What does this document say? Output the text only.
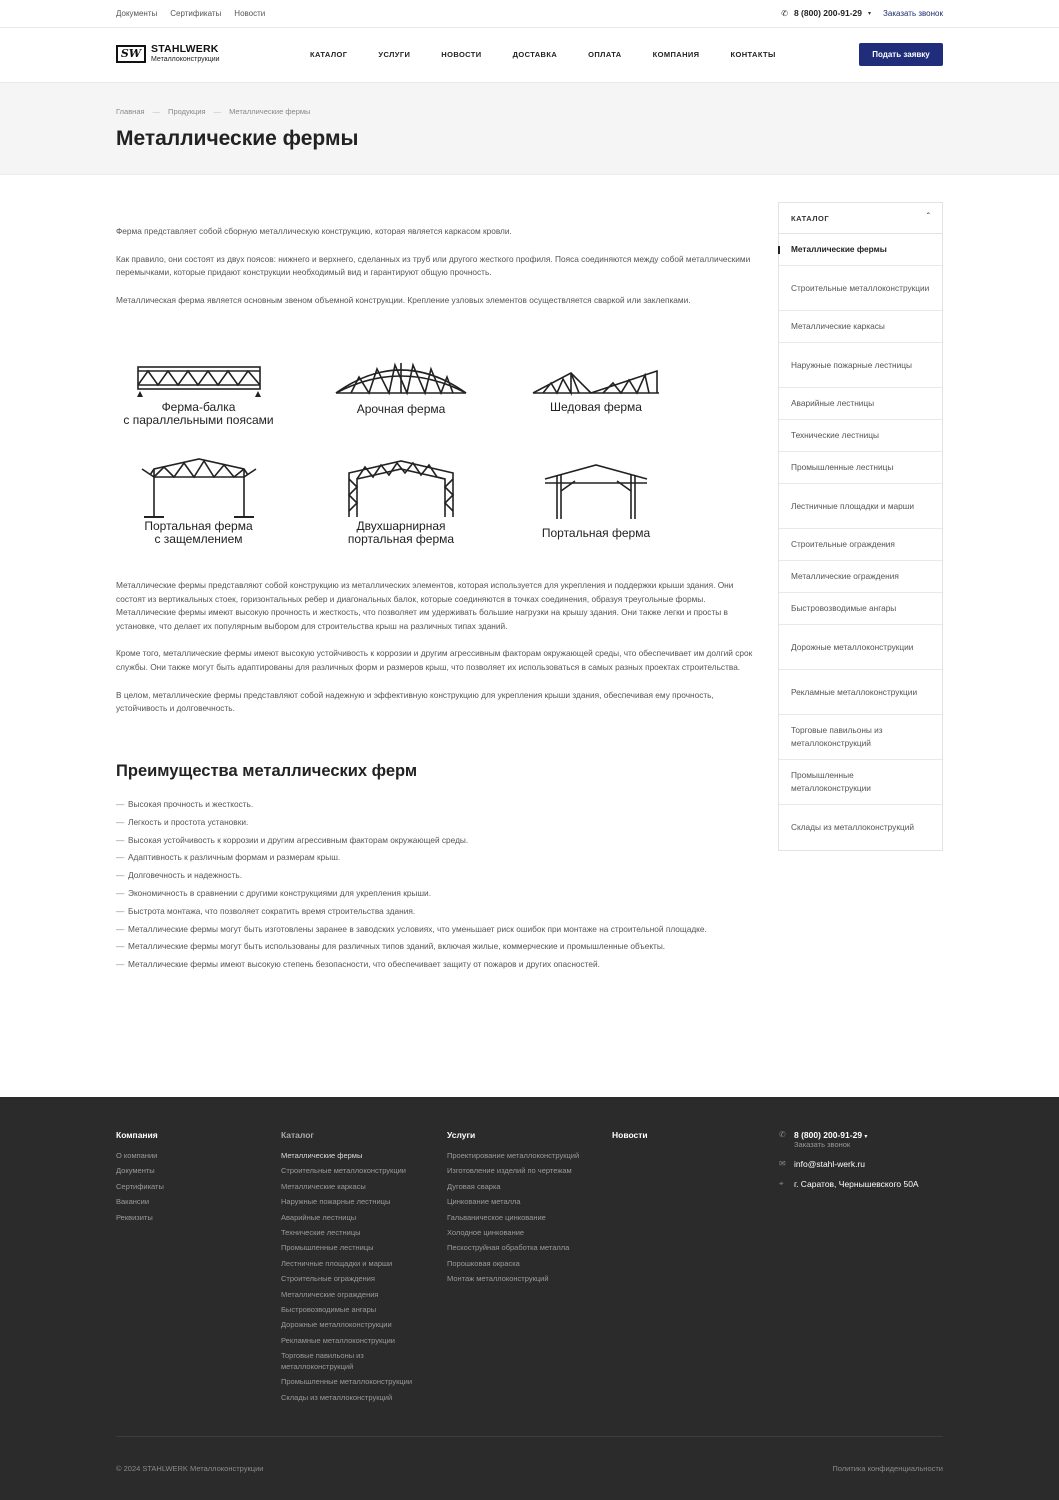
Документы Сертификаты Новости	✆ 8 (800) 200-91-29 ▾ Заказать звонок
SW STAHLWERK
Металлоконструкции
КАТАЛОГ	УСЛУГИ	НОВОСТИ	ДОСТАВКА	ОПЛАТА	КОМПАНИЯ	КОНТАКТЫ	Подать заявку
Главная — Продукция — Металлические фермы
Металлические фермы

Ферма представляет собой сборную металлическую конструкцию, которая является каркасом кровли.

Как правило, они состоят из двух поясов: нижнего и верхнего, сделанных из труб или другого жесткого профиля. Пояса соединяются между собой металлическими перемычками, которые придают конструкции необходимый вид и гарантируют общую прочность.

Металлическая ферма является основным звеном объемной конструкции. Крепление узловых элементов осуществляется сваркой или заклепками.

Ферма-балка
с параллельными поясами
Арочная ферма	Шедовая ферма
Портальная ферма
с защемлением
Двухшарнирная
портальная ферма	Портальная ферма

Металлические фермы представляют собой конструкцию из металлических элементов, которая используется для укрепления и поддержки крыши здания. Они состоят из вертикальных стоек, горизонтальных ребер и диагональных балок, которые соединяются в точках соединения, образуя треугольные формы.

Металлические фермы имеют высокую прочность и жесткость, что позволяет им удерживать большие нагрузки на крышу здания. Они также легки и просты в установке, что делает их популярным выбором для строительства крыш на различных типах зданий.

Кроме того, металлические фермы имеют высокую устойчивость к коррозии и другим агрессивным факторам окружающей среды, что обеспечивает им долгий срок службы. Они также могут быть адаптированы для различных форм и размеров крыш, что позволяет их использоваться в самых разных проектах строительства.

В целом, металлические фермы представляют собой надежную и эффективную конструкцию для укрепления крыши здания, обеспечивая ему прочность, устойчивость и долговечность.

Преимущества металлических ферм
— Высокая прочность и жесткость.
— Легкость и простота установки.
— Высокая устойчивость к коррозии и другим агрессивным факторам окружающей среды.
— Адаптивность к различным формам и размерам крыш.
— Долговечность и надежность.
— Экономичность в сравнении с другими конструкциями для укрепления крыши.
— Быстрота монтажа, что позволяет сократить время строительства здания.
— Металлические фермы могут быть изготовлены заранее в заводских условиях, что уменьшает риск ошибок при монтаже на строительной площадке.
— Металлические фермы могут быть использованы для различных типов зданий, включая жилые, коммерческие и промышленные объекты.
— Металлические фермы имеют высокую степень безопасности, что обеспечивает защиту от пожаров и других опасностей.
КАТАЛОГ	ˆ
Металлические фермы
Строительные металлоконструкции
Металлические каркасы
Наружные пожарные лестницы
Аварийные лестницы
Технические лестницы
Промышленные лестницы
Лестничные площадки и марши
Строительные ограждения
Металлические ограждения
Быстровозводимые ангары
Дорожные металлоконструкции
Рекламные металлоконструкции
Торговые павильоны из металлоконструкций
Промышленные металлоконструкции
Склады из металлоконструкций
Компания
О компании
Документы
Сертификаты
Вакансии
Реквизиты
Каталог
Металлические фермы
Строительные металлоконструкции
Металлические каркасы
Наружные пожарные лестницы
Аварийные лестницы
Технические лестницы
Промышленные лестницы
Лестничные площадки и марши
Строительные ограждения
Металлические ограждения
Быстровозводимые ангары
Дорожные металлоконструкции
Рекламные металлоконструкции
Торговые павильоны из металлоконструкций
Промышленные металлоконструкции
Склады из металлоконструкций
Услуги
Проектирование металлоконструкций
Изготовление изделий по чертежам
Дуговая сварка
Цинкование металла
Гальваническое цинкование
Холодное цинкование
Пескоструйная обработка металла
Порошковая окраска
Монтаж металлоконструкций
Новости	✆ 8 (800) 200-91-29 ▾
Заказать звонок
✉ info@stahl-werk.ru
⌖ г. Саратов, Чернышевского 50А
© 2024 STAHLWERK Металлоконструкции	Политика конфиденциальности
